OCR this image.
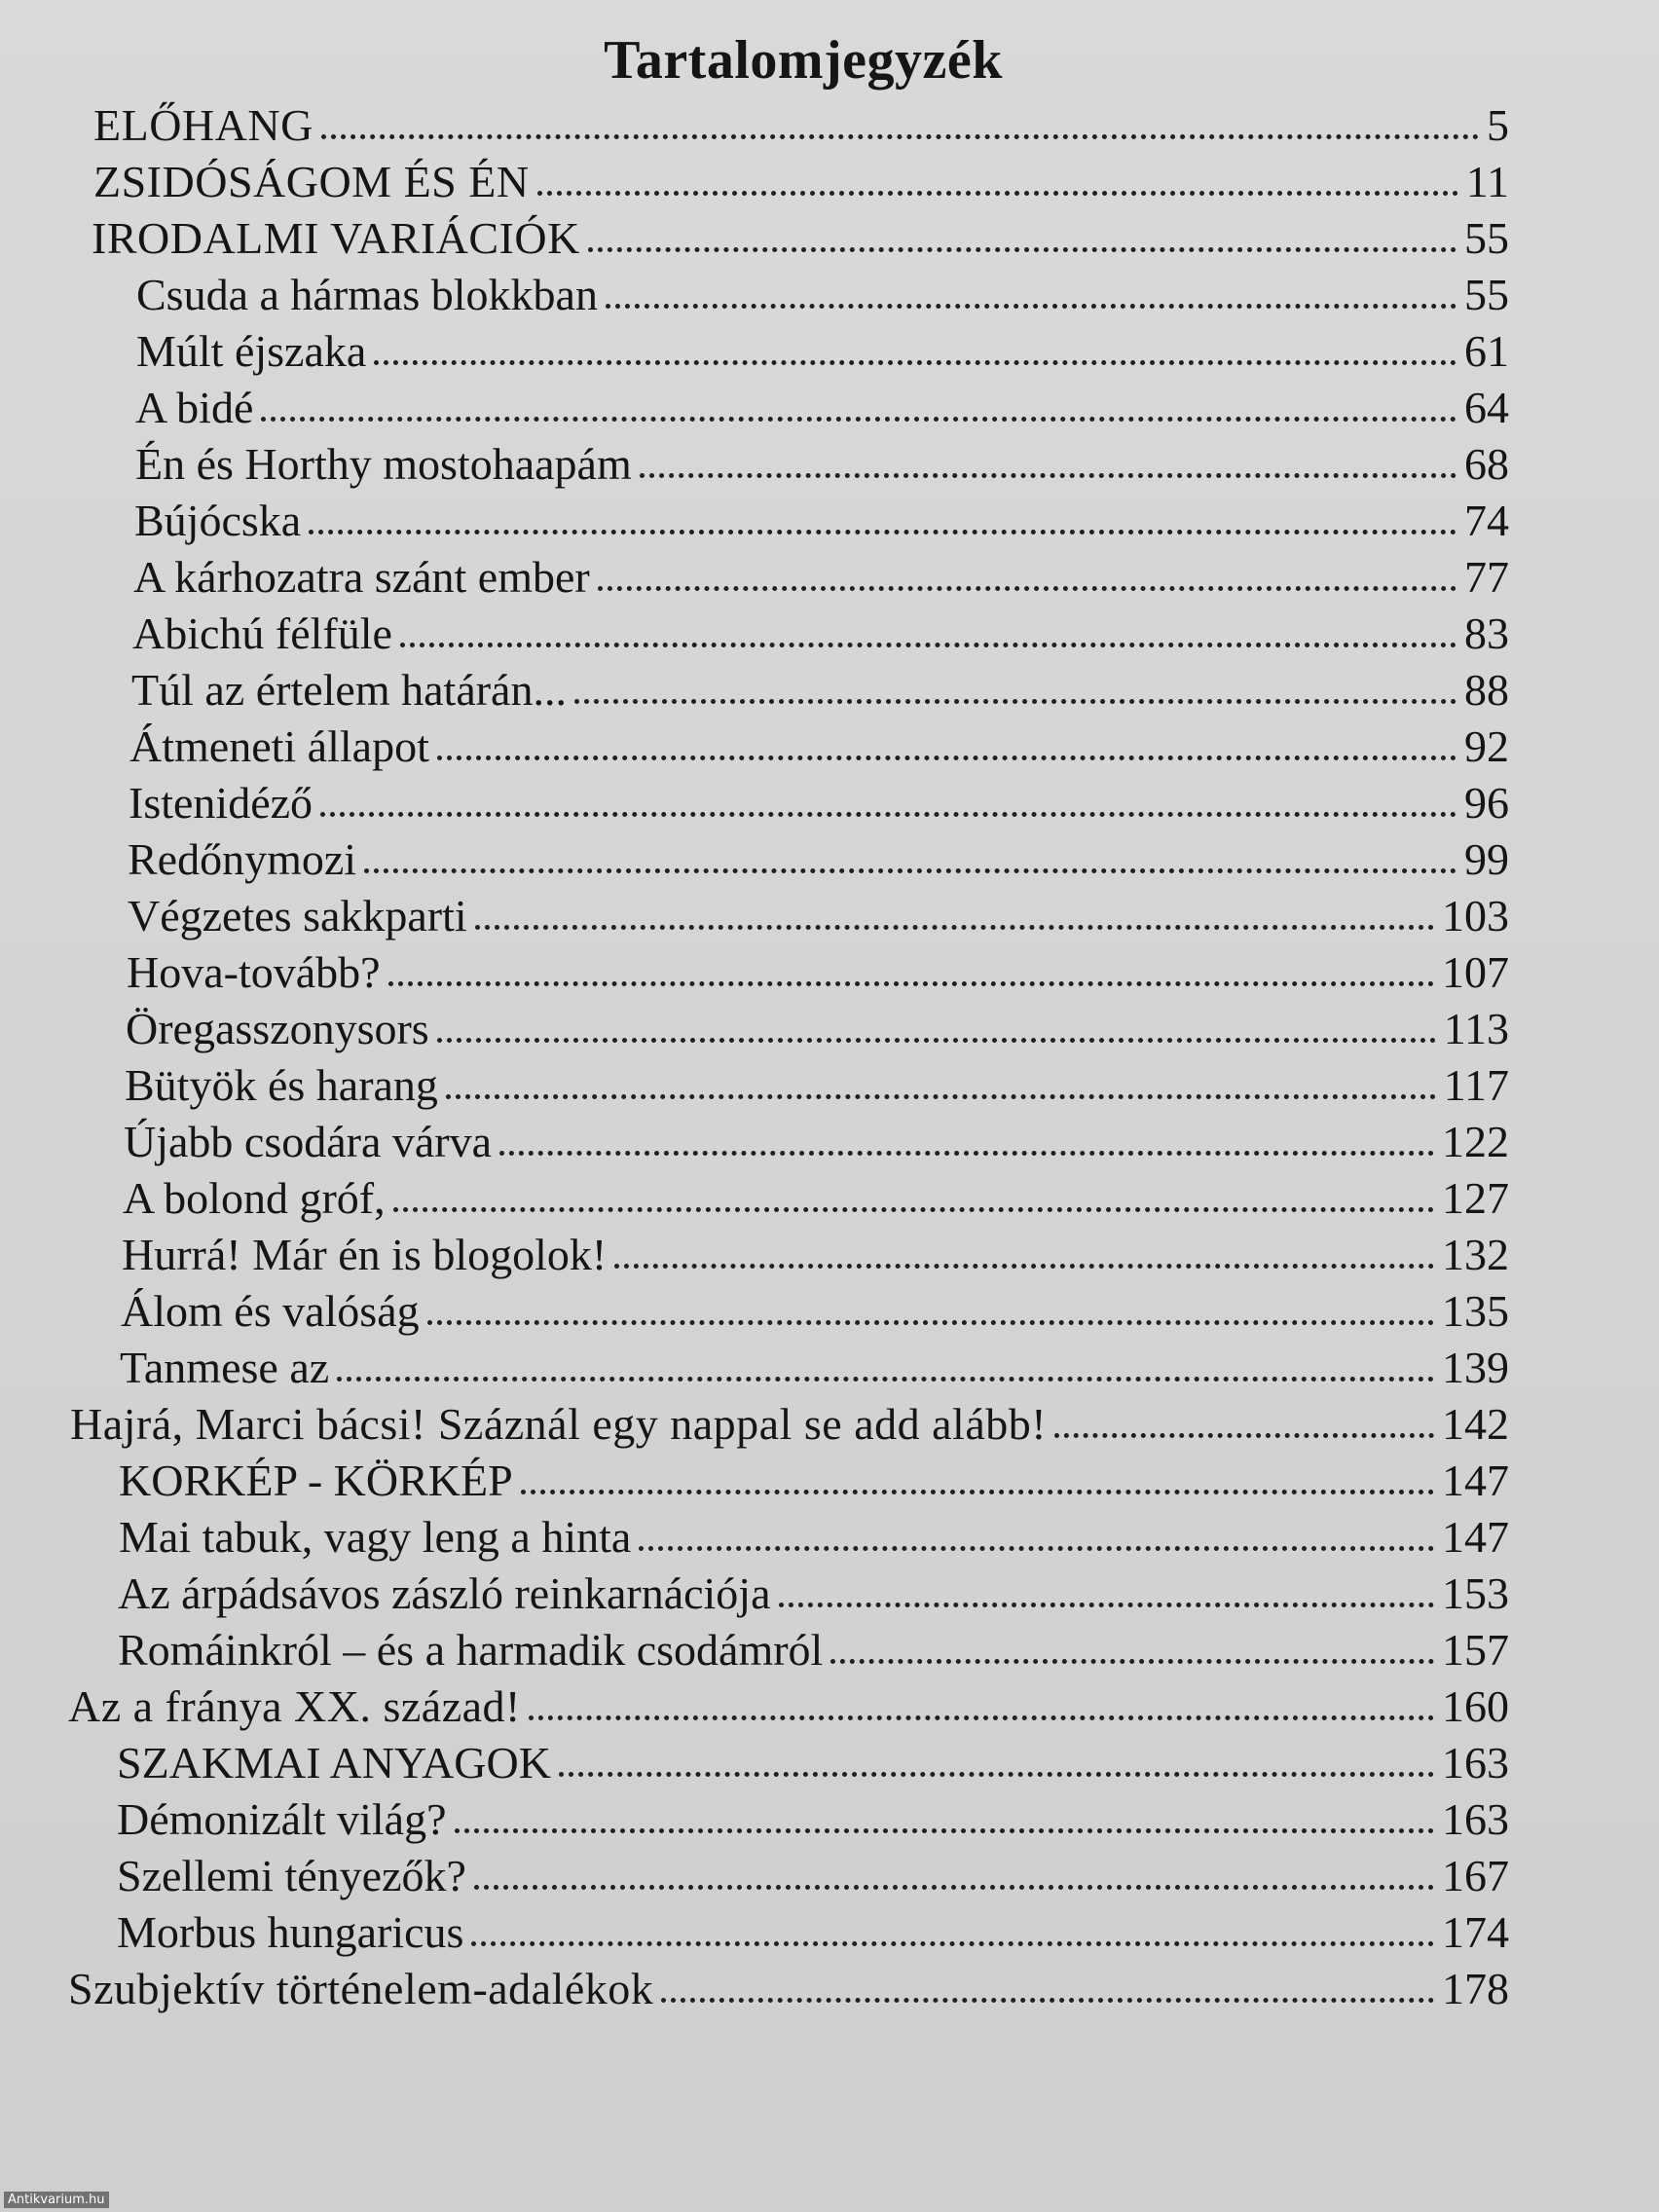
Tartalomjegyzék
ELŐHANG	5
ZSIDÓSÁGOM ÉS ÉN	11
IRODALMI VARIÁCIÓK	55
Csuda a hármas blokkban	55
Múlt éjszaka	61
A bidé	64
Én és Horthy mostohaapám	68
Bújócska	74
A kárhozatra szánt ember	77
Abichú félfüle	83
Túl az értelem határán...	88
Átmeneti állapot	92
Istenidéző	96
Redőnymozi	99
Végzetes sakkparti	103
Hova-tovább?	107
Öregasszonysors	113
Bütyök és harang	117
Újabb csodára várva	122
A bolond gróf,	127
Hurrá! Már én is blogolok!	132
Álom és valóság	135
Tanmese az	139
Hajrá, Marci bácsi! Száznál egy nappal se add alább!	142
KORKÉP - KÖRKÉP	147
Mai tabuk, vagy leng a hinta	147
Az árpádsávos zászló reinkarnációja	153
Romáinkról – és a harmadik csodámról	157
Az a fránya XX. század!	160
SZAKMAI ANYAGOK	163
Démonizált világ?	163
Szellemi tényezők?	167
Morbus hungaricus	174
Szubjektív történelem-adalékok	178
Antikvarium.hu
